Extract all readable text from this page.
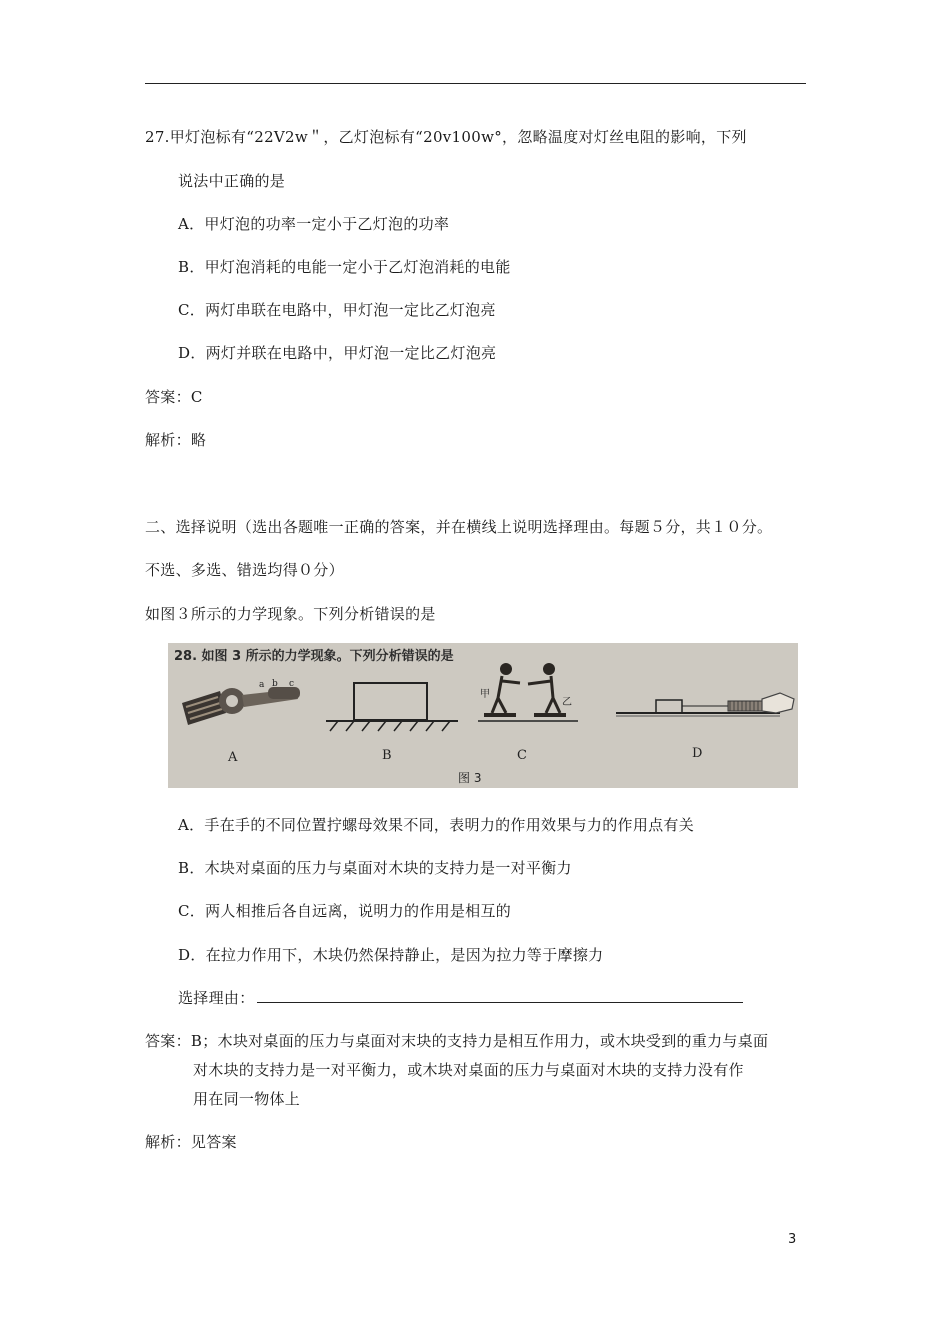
27.甲灯泡标有“22V2w＂，乙灯泡标有“20v100w°，忽略温度对灯丝电阻的影响，下列
说法中正确的是
A．甲灯泡的功率一定小于乙灯泡的功率
B．甲灯泡消耗的电能一定小于乙灯泡消耗的电能
C．两灯串联在电路中，甲灯泡一定比乙灯泡亮
D．两灯并联在电路中，甲灯泡一定比乙灯泡亮
答案：C
解析：略
二、选择说明（选出各题唯一正确的答案，并在横线上说明选择理由。每题５分，共１０分。
不选、多选、错选均得０分）
如图３所示的力学现象。下列分析错误的是
28. 如图 3 所示的力学现象。下列分析错误的是
a b c
甲
乙
A	B	C	D
图 3
A．手在手的不同位置拧螺母效果不同，表明力的作用效果与力的作用点有关
B．木块对桌面的压力与桌面对木块的支持力是一对平衡力
C．两人相推后各自远离，说明力的作用是相互的
D．在拉力作用下，木块仍然保持静止，是因为拉力等于摩擦力
选择理由：
答案：B；木块对桌面的压力与桌面对末块的支持力是相互作用力，或木块受到的重力与桌面
对木块的支持力是一对平衡力，或木块对桌面的压力与桌面对木块的支持力没有作
用在同一物体上
解析：见答案
3
